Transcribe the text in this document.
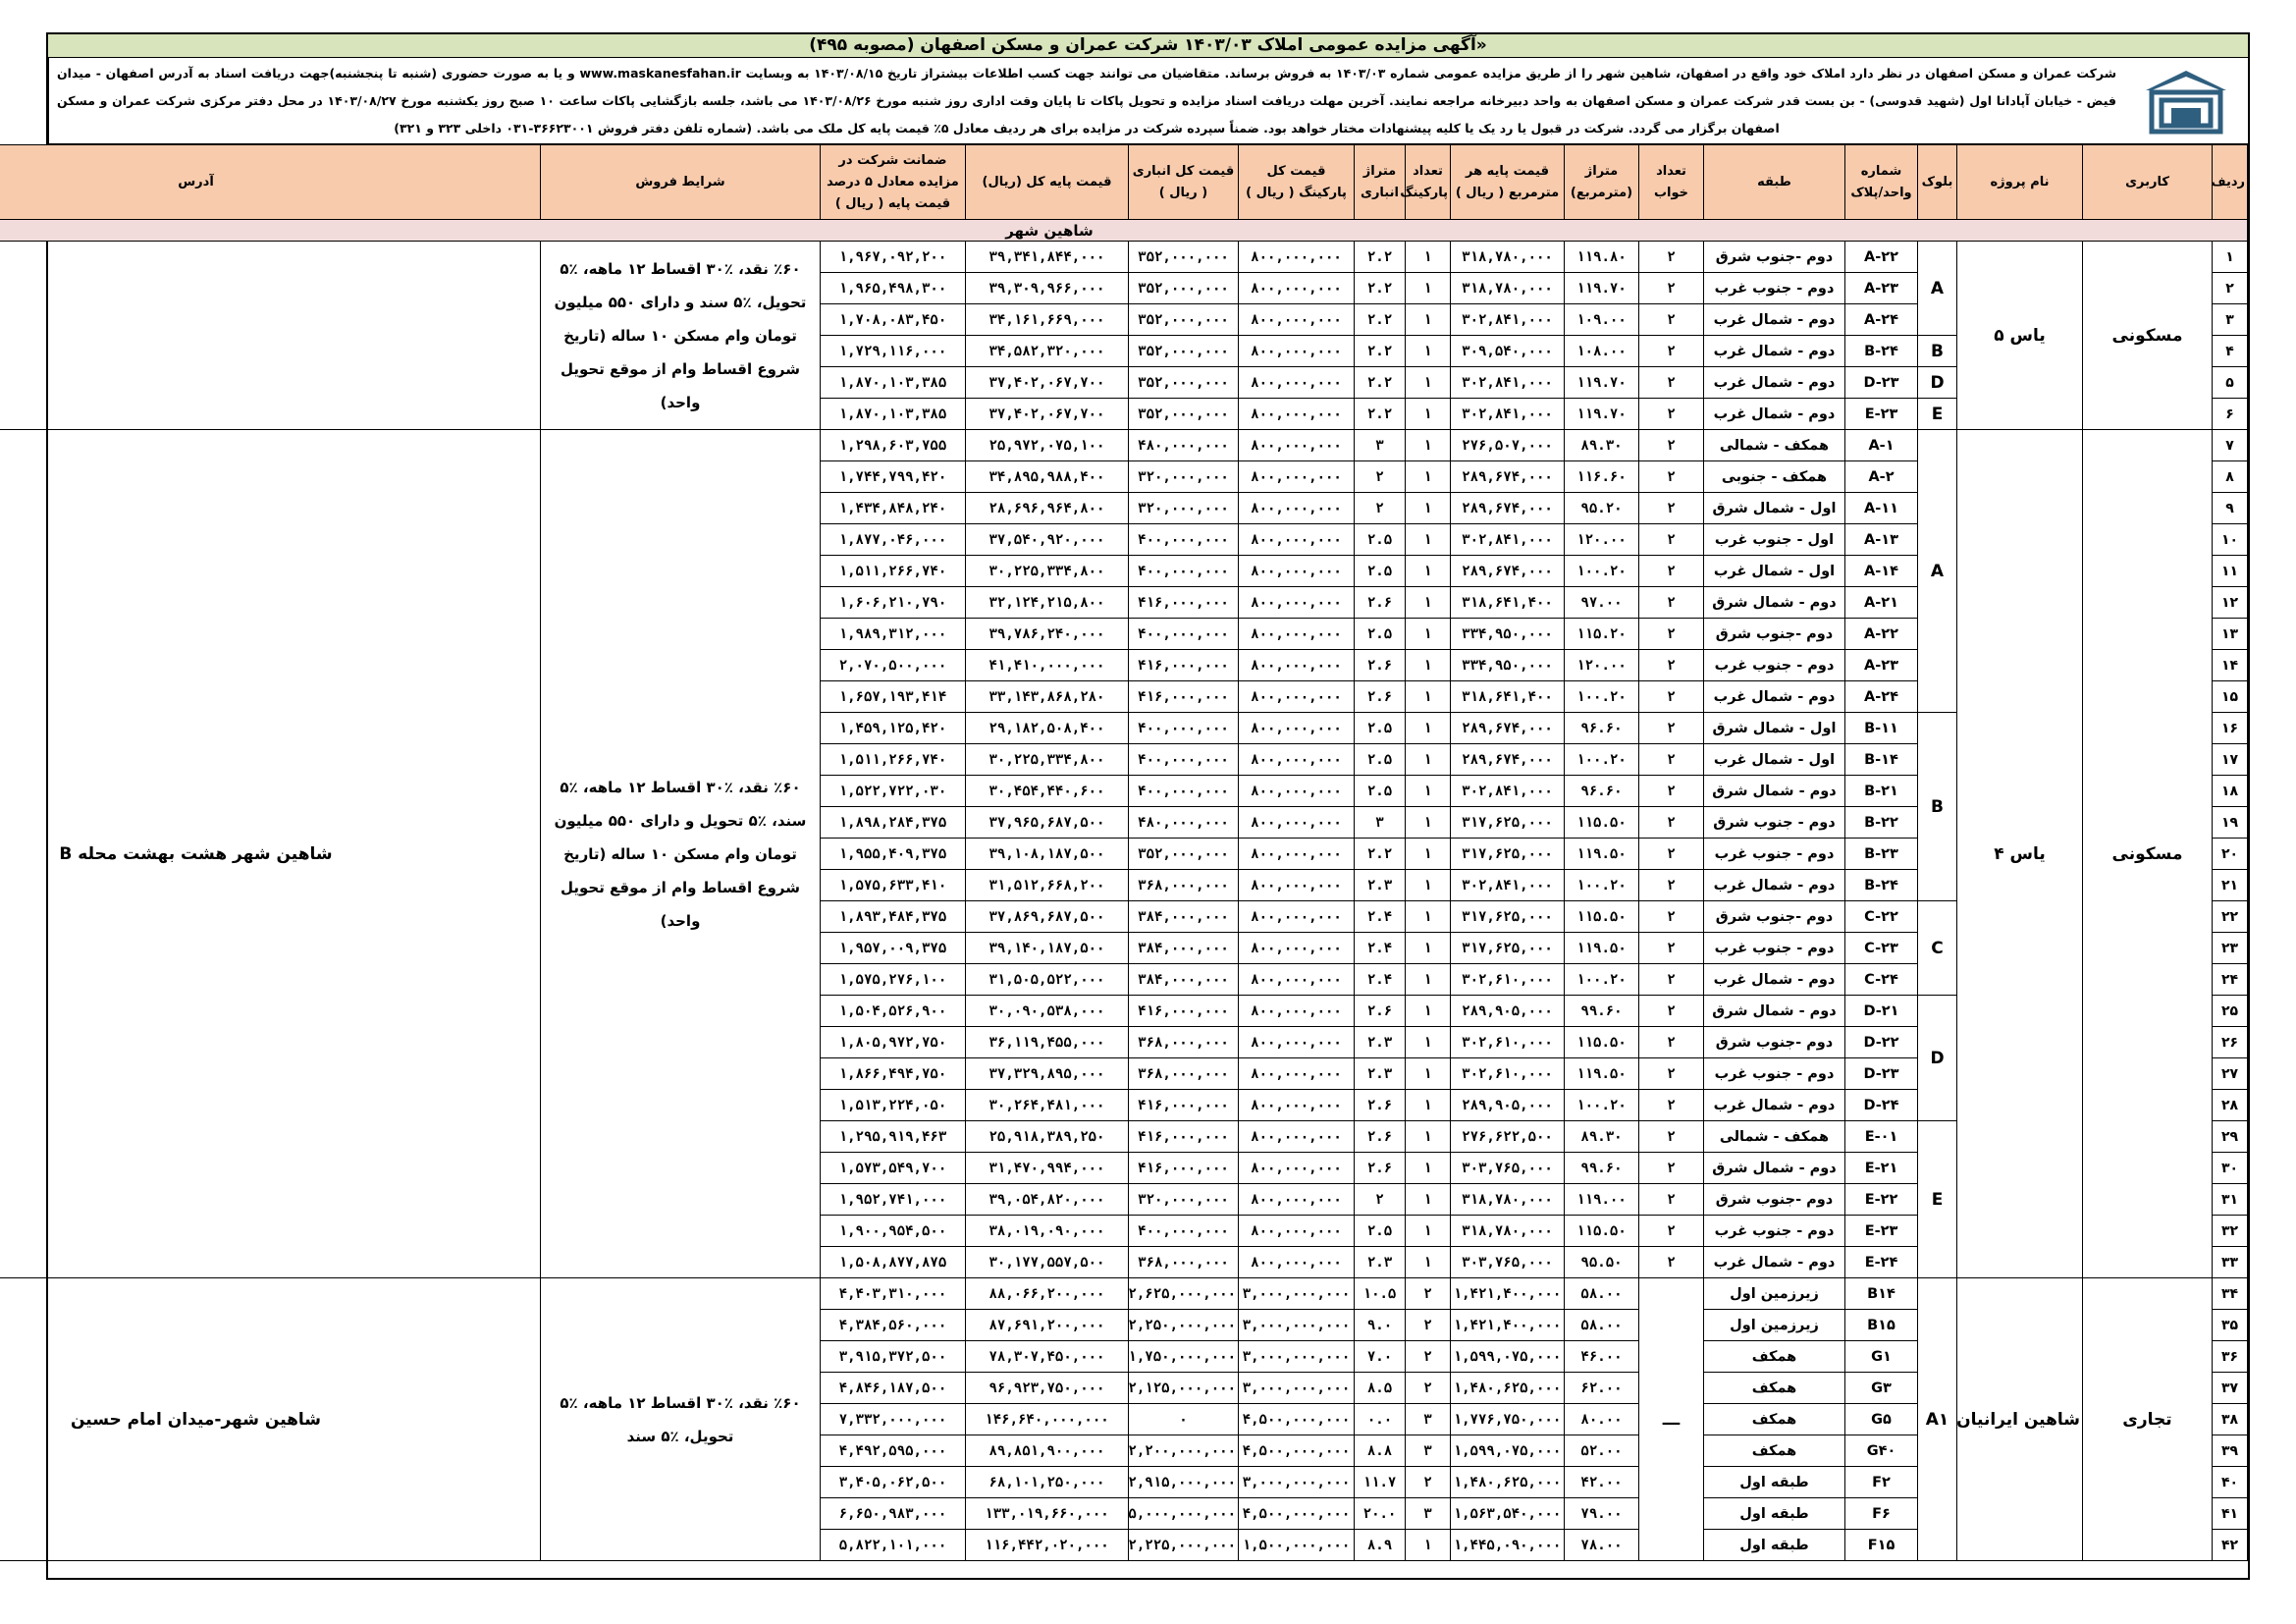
«آگهی مزایده عمومی املاک ۱۴۰۳/۰۳ شرکت عمران و مسکن اصفهان (مصوبه ۴۹۵)
شرکت عمران و مسکن اصفهان در نظر دارد املاک خود واقع در اصفهان، شاهین شهر را از طریق مزایده عمومی شماره ۱۴۰۳/۰۳ به فروش برساند. متقاضیان می توانند جهت کسب اطلاعات بیشتراز تاریخ ۱۴۰۳/۰۸/۱۵ به وبسایت www.maskanesfahan.ir و یا به صورت حضوری (شنبه تا پنجشنبه)جهت دریافت اسناد به آدرس اصفهان - میدان فیض - خیابان آپادانا اول (شهید قدوسی) - بن بست قدر شرکت عمران و مسکن اصفهان به واحد دبیرخانه مراجعه نمایند. آخرین مهلت دریافت اسناد مزایده و تحویل پاکات تا پایان وقت اداری روز شنبه مورخ ۱۴۰۳/۰۸/۲۶ می باشد، جلسه بازگشایی پاکات ساعت ۱۰ صبح روز یکشنبه مورخ ۱۴۰۳/۰۸/۲۷ در محل دفتر مرکزی شرکت عمران و مسکن اصفهان برگزار می گردد. شرکت در قبول یا رد یک یا کلیه پیشنهادات مختار خواهد بود. ضمناً سپرده شرکت در مزایده برای هر ردیف معادل ۵٪ قیمت پایه کل ملک می باشد. (شماره تلفن دفتر فروش ۳۶۶۲۳۰۰۱-۰۳۱ داخلی ۳۲۳ و ۳۲۱)
ردیف	کاربری	نام پروژه	بلوک	شماره واحد/پلاک	طبقه	تعداد خواب	متراژ (مترمربع)	قیمت پایه هر مترمربع ( ریال )	تعداد پارکینگ	متراژ انباری	قیمت کل پارکینگ ( ریال )	قیمت کل انباری ( ریال )	قیمت پایه کل (ریال)	ضمانت شرکت در مزایده معادل ۵ درصد قیمت پایه ( ریال )	شرایط فروش	آدرس
شاهین شهر																
۱	مسکونی	یاس ۵	A	A-۲۲	دوم -جنوب شرق	۲	۱۱۹.۸۰	۳۱۸,۷۸۰,۰۰۰	۱	۲.۲	۸۰۰,۰۰۰,۰۰۰	۳۵۲,۰۰۰,۰۰۰	۳۹,۳۴۱,۸۴۴,۰۰۰	۱,۹۶۷,۰۹۲,۲۰۰	٪۶۰ نقد، ٪۳۰ اقساط ۱۲ ماهه، ٪۵ تحویل، ٪۵ سند و دارای ۵۵۰ میلیون تومان وام مسکن ۱۰ ساله (تاریخ شروع اقساط وام از موقع تحویل واحد)	
۲				A-۲۳	دوم - جنوب غرب	۲	۱۱۹.۷۰	۳۱۸,۷۸۰,۰۰۰	۱	۲.۲	۸۰۰,۰۰۰,۰۰۰	۳۵۲,۰۰۰,۰۰۰	۳۹,۳۰۹,۹۶۶,۰۰۰	۱,۹۶۵,۴۹۸,۳۰۰		
۳				A-۲۴	دوم - شمال غرب	۲	۱۰۹.۰۰	۳۰۲,۸۴۱,۰۰۰	۱	۲.۲	۸۰۰,۰۰۰,۰۰۰	۳۵۲,۰۰۰,۰۰۰	۳۴,۱۶۱,۶۶۹,۰۰۰	۱,۷۰۸,۰۸۳,۴۵۰		
۴			B	B-۲۴	دوم - شمال غرب	۲	۱۰۸.۰۰	۳۰۹,۵۴۰,۰۰۰	۱	۲.۲	۸۰۰,۰۰۰,۰۰۰	۳۵۲,۰۰۰,۰۰۰	۳۴,۵۸۲,۳۲۰,۰۰۰	۱,۷۲۹,۱۱۶,۰۰۰		
۵			D	D-۲۳	دوم - شمال غرب	۲	۱۱۹.۷۰	۳۰۲,۸۴۱,۰۰۰	۱	۲.۲	۸۰۰,۰۰۰,۰۰۰	۳۵۲,۰۰۰,۰۰۰	۳۷,۴۰۲,۰۶۷,۷۰۰	۱,۸۷۰,۱۰۳,۳۸۵		
۶			E	E-۲۳	دوم - شمال غرب	۲	۱۱۹.۷۰	۳۰۲,۸۴۱,۰۰۰	۱	۲.۲	۸۰۰,۰۰۰,۰۰۰	۳۵۲,۰۰۰,۰۰۰	۳۷,۴۰۲,۰۶۷,۷۰۰	۱,۸۷۰,۱۰۳,۳۸۵		
۷	مسکونی	یاس ۴	A	A-۱	همکف - شمالی	۲	۸۹.۳۰	۲۷۶,۵۰۷,۰۰۰	۱	۳	۸۰۰,۰۰۰,۰۰۰	۴۸۰,۰۰۰,۰۰۰	۲۵,۹۷۲,۰۷۵,۱۰۰	۱,۲۹۸,۶۰۳,۷۵۵	٪۶۰ نقد، ٪۳۰ اقساط ۱۲ ماهه، ٪۵ سند، ٪۵ تحویل و دارای ۵۵۰ میلیون تومان وام مسکن ۱۰ ساله (تاریخ شروع اقساط وام از موقع تحویل واحد)	شاهین شهر هشت بهشت محله B
۸				A-۲	همکف - جنوبی	۲	۱۱۶.۶۰	۲۸۹,۶۷۴,۰۰۰	۱	۲	۸۰۰,۰۰۰,۰۰۰	۳۲۰,۰۰۰,۰۰۰	۳۴,۸۹۵,۹۸۸,۴۰۰	۱,۷۴۴,۷۹۹,۴۲۰		
۹				A-۱۱	اول - شمال شرق	۲	۹۵.۲۰	۲۸۹,۶۷۴,۰۰۰	۱	۲	۸۰۰,۰۰۰,۰۰۰	۳۲۰,۰۰۰,۰۰۰	۲۸,۶۹۶,۹۶۴,۸۰۰	۱,۴۳۴,۸۴۸,۲۴۰		
۱۰				A-۱۳	اول - جنوب غرب	۲	۱۲۰.۰۰	۳۰۲,۸۴۱,۰۰۰	۱	۲.۵	۸۰۰,۰۰۰,۰۰۰	۴۰۰,۰۰۰,۰۰۰	۳۷,۵۴۰,۹۲۰,۰۰۰	۱,۸۷۷,۰۴۶,۰۰۰		
۱۱				A-۱۴	اول - شمال غرب	۲	۱۰۰.۲۰	۲۸۹,۶۷۴,۰۰۰	۱	۲.۵	۸۰۰,۰۰۰,۰۰۰	۴۰۰,۰۰۰,۰۰۰	۳۰,۲۲۵,۳۳۴,۸۰۰	۱,۵۱۱,۲۶۶,۷۴۰		
۱۲				A-۲۱	دوم - شمال شرق	۲	۹۷.۰۰	۳۱۸,۶۴۱,۴۰۰	۱	۲.۶	۸۰۰,۰۰۰,۰۰۰	۴۱۶,۰۰۰,۰۰۰	۳۲,۱۲۴,۲۱۵,۸۰۰	۱,۶۰۶,۲۱۰,۷۹۰		
۱۳				A-۲۲	دوم -جنوب شرق	۲	۱۱۵.۲۰	۳۳۴,۹۵۰,۰۰۰	۱	۲.۵	۸۰۰,۰۰۰,۰۰۰	۴۰۰,۰۰۰,۰۰۰	۳۹,۷۸۶,۲۴۰,۰۰۰	۱,۹۸۹,۳۱۲,۰۰۰		
۱۴				A-۲۳	دوم - جنوب غرب	۲	۱۲۰.۰۰	۳۳۴,۹۵۰,۰۰۰	۱	۲.۶	۸۰۰,۰۰۰,۰۰۰	۴۱۶,۰۰۰,۰۰۰	۴۱,۴۱۰,۰۰۰,۰۰۰	۲,۰۷۰,۵۰۰,۰۰۰		
۱۵				A-۲۴	دوم - شمال غرب	۲	۱۰۰.۲۰	۳۱۸,۶۴۱,۴۰۰	۱	۲.۶	۸۰۰,۰۰۰,۰۰۰	۴۱۶,۰۰۰,۰۰۰	۳۳,۱۴۳,۸۶۸,۲۸۰	۱,۶۵۷,۱۹۳,۴۱۴		
۱۶			B	B-۱۱	اول - شمال شرق	۲	۹۶.۶۰	۲۸۹,۶۷۴,۰۰۰	۱	۲.۵	۸۰۰,۰۰۰,۰۰۰	۴۰۰,۰۰۰,۰۰۰	۲۹,۱۸۲,۵۰۸,۴۰۰	۱,۴۵۹,۱۲۵,۴۲۰		
۱۷				B-۱۴	اول - شمال غرب	۲	۱۰۰.۲۰	۲۸۹,۶۷۴,۰۰۰	۱	۲.۵	۸۰۰,۰۰۰,۰۰۰	۴۰۰,۰۰۰,۰۰۰	۳۰,۲۲۵,۳۳۴,۸۰۰	۱,۵۱۱,۲۶۶,۷۴۰		
۱۸				B-۲۱	دوم - شمال شرق	۲	۹۶.۶۰	۳۰۲,۸۴۱,۰۰۰	۱	۲.۵	۸۰۰,۰۰۰,۰۰۰	۴۰۰,۰۰۰,۰۰۰	۳۰,۴۵۴,۴۴۰,۶۰۰	۱,۵۲۲,۷۲۲,۰۳۰		
۱۹				B-۲۲	دوم - جنوب شرق	۲	۱۱۵.۵۰	۳۱۷,۶۲۵,۰۰۰	۱	۳	۸۰۰,۰۰۰,۰۰۰	۴۸۰,۰۰۰,۰۰۰	۳۷,۹۶۵,۶۸۷,۵۰۰	۱,۸۹۸,۲۸۴,۳۷۵		
۲۰				B-۲۳	دوم - جنوب غرب	۲	۱۱۹.۵۰	۳۱۷,۶۲۵,۰۰۰	۱	۲.۲	۸۰۰,۰۰۰,۰۰۰	۳۵۲,۰۰۰,۰۰۰	۳۹,۱۰۸,۱۸۷,۵۰۰	۱,۹۵۵,۴۰۹,۳۷۵		
۲۱				B-۲۴	دوم - شمال غرب	۲	۱۰۰.۲۰	۳۰۲,۸۴۱,۰۰۰	۱	۲.۳	۸۰۰,۰۰۰,۰۰۰	۳۶۸,۰۰۰,۰۰۰	۳۱,۵۱۲,۶۶۸,۲۰۰	۱,۵۷۵,۶۳۳,۴۱۰		
۲۲			C	C-۲۲	دوم -جنوب شرق	۲	۱۱۵.۵۰	۳۱۷,۶۲۵,۰۰۰	۱	۲.۴	۸۰۰,۰۰۰,۰۰۰	۳۸۴,۰۰۰,۰۰۰	۳۷,۸۶۹,۶۸۷,۵۰۰	۱,۸۹۳,۴۸۴,۳۷۵		
۲۳				C-۲۳	دوم - جنوب غرب	۲	۱۱۹.۵۰	۳۱۷,۶۲۵,۰۰۰	۱	۲.۴	۸۰۰,۰۰۰,۰۰۰	۳۸۴,۰۰۰,۰۰۰	۳۹,۱۴۰,۱۸۷,۵۰۰	۱,۹۵۷,۰۰۹,۳۷۵		
۲۴				C-۲۴	دوم - شمال غرب	۲	۱۰۰.۲۰	۳۰۲,۶۱۰,۰۰۰	۱	۲.۴	۸۰۰,۰۰۰,۰۰۰	۳۸۴,۰۰۰,۰۰۰	۳۱,۵۰۵,۵۲۲,۰۰۰	۱,۵۷۵,۲۷۶,۱۰۰		
۲۵			D	D-۲۱	دوم - شمال شرق	۲	۹۹.۶۰	۲۸۹,۹۰۵,۰۰۰	۱	۲.۶	۸۰۰,۰۰۰,۰۰۰	۴۱۶,۰۰۰,۰۰۰	۳۰,۰۹۰,۵۳۸,۰۰۰	۱,۵۰۴,۵۲۶,۹۰۰		
۲۶				D-۲۲	دوم -جنوب شرق	۲	۱۱۵.۵۰	۳۰۲,۶۱۰,۰۰۰	۱	۲.۳	۸۰۰,۰۰۰,۰۰۰	۳۶۸,۰۰۰,۰۰۰	۳۶,۱۱۹,۴۵۵,۰۰۰	۱,۸۰۵,۹۷۲,۷۵۰		
۲۷				D-۲۳	دوم - جنوب غرب	۲	۱۱۹.۵۰	۳۰۲,۶۱۰,۰۰۰	۱	۲.۳	۸۰۰,۰۰۰,۰۰۰	۳۶۸,۰۰۰,۰۰۰	۳۷,۳۲۹,۸۹۵,۰۰۰	۱,۸۶۶,۴۹۴,۷۵۰		
۲۸				D-۲۴	دوم - شمال غرب	۲	۱۰۰.۲۰	۲۸۹,۹۰۵,۰۰۰	۱	۲.۶	۸۰۰,۰۰۰,۰۰۰	۴۱۶,۰۰۰,۰۰۰	۳۰,۲۶۴,۴۸۱,۰۰۰	۱,۵۱۳,۲۲۴,۰۵۰		
۲۹			E	E-۰۱	همکف - شمالی	۲	۸۹.۳۰	۲۷۶,۶۲۲,۵۰۰	۱	۲.۶	۸۰۰,۰۰۰,۰۰۰	۴۱۶,۰۰۰,۰۰۰	۲۵,۹۱۸,۳۸۹,۲۵۰	۱,۲۹۵,۹۱۹,۴۶۳		
۳۰				E-۲۱	دوم - شمال شرق	۲	۹۹.۶۰	۳۰۳,۷۶۵,۰۰۰	۱	۲.۶	۸۰۰,۰۰۰,۰۰۰	۴۱۶,۰۰۰,۰۰۰	۳۱,۴۷۰,۹۹۴,۰۰۰	۱,۵۷۳,۵۴۹,۷۰۰		
۳۱				E-۲۲	دوم -جنوب شرق	۲	۱۱۹.۰۰	۳۱۸,۷۸۰,۰۰۰	۱	۲	۸۰۰,۰۰۰,۰۰۰	۳۲۰,۰۰۰,۰۰۰	۳۹,۰۵۴,۸۲۰,۰۰۰	۱,۹۵۲,۷۴۱,۰۰۰		
۳۲				E-۲۳	دوم - جنوب غرب	۲	۱۱۵.۵۰	۳۱۸,۷۸۰,۰۰۰	۱	۲.۵	۸۰۰,۰۰۰,۰۰۰	۴۰۰,۰۰۰,۰۰۰	۳۸,۰۱۹,۰۹۰,۰۰۰	۱,۹۰۰,۹۵۴,۵۰۰		
۳۳				E-۲۴	دوم - شمال غرب	۲	۹۵.۵۰	۳۰۳,۷۶۵,۰۰۰	۱	۲.۳	۸۰۰,۰۰۰,۰۰۰	۳۶۸,۰۰۰,۰۰۰	۳۰,۱۷۷,۵۵۷,۵۰۰	۱,۵۰۸,۸۷۷,۸۷۵		
۳۴	تجاری	شاهین ایرانیان	A۱	B۱۴	زیرزمین اول	ـــ	۵۸.۰۰	۱,۴۲۱,۴۰۰,۰۰۰	۲	۱۰.۵	۳,۰۰۰,۰۰۰,۰۰۰	۲,۶۲۵,۰۰۰,۰۰۰	۸۸,۰۶۶,۲۰۰,۰۰۰	۴,۴۰۳,۳۱۰,۰۰۰	٪۶۰ نقد، ٪۳۰ اقساط ۱۲ ماهه، ٪۵ تحویل، ٪۵ سند	شاهین شهر-میدان امام حسین
۳۵				B۱۵	زیرزمین اول		۵۸.۰۰	۱,۴۲۱,۴۰۰,۰۰۰	۲	۹.۰	۳,۰۰۰,۰۰۰,۰۰۰	۲,۲۵۰,۰۰۰,۰۰۰	۸۷,۶۹۱,۲۰۰,۰۰۰	۴,۳۸۴,۵۶۰,۰۰۰		
۳۶				G۱	همکف		۴۶.۰۰	۱,۵۹۹,۰۷۵,۰۰۰	۲	۷.۰	۳,۰۰۰,۰۰۰,۰۰۰	۱,۷۵۰,۰۰۰,۰۰۰	۷۸,۳۰۷,۴۵۰,۰۰۰	۳,۹۱۵,۳۷۲,۵۰۰		
۳۷				G۳	همکف		۶۲.۰۰	۱,۴۸۰,۶۲۵,۰۰۰	۲	۸.۵	۳,۰۰۰,۰۰۰,۰۰۰	۲,۱۲۵,۰۰۰,۰۰۰	۹۶,۹۲۳,۷۵۰,۰۰۰	۴,۸۴۶,۱۸۷,۵۰۰		
۳۸				G۵	همکف		۸۰.۰۰	۱,۷۷۶,۷۵۰,۰۰۰	۳	۰.۰	۴,۵۰۰,۰۰۰,۰۰۰	۰	۱۴۶,۶۴۰,۰۰۰,۰۰۰	۷,۳۳۲,۰۰۰,۰۰۰		
۳۹				G۴۰	همکف		۵۲.۰۰	۱,۵۹۹,۰۷۵,۰۰۰	۳	۸.۸	۴,۵۰۰,۰۰۰,۰۰۰	۲,۲۰۰,۰۰۰,۰۰۰	۸۹,۸۵۱,۹۰۰,۰۰۰	۴,۴۹۲,۵۹۵,۰۰۰		
۴۰				F۲	طبقه اول		۴۲.۰۰	۱,۴۸۰,۶۲۵,۰۰۰	۲	۱۱.۷	۳,۰۰۰,۰۰۰,۰۰۰	۲,۹۱۵,۰۰۰,۰۰۰	۶۸,۱۰۱,۲۵۰,۰۰۰	۳,۴۰۵,۰۶۲,۵۰۰		
۴۱				F۶	طبقه اول		۷۹.۰۰	۱,۵۶۳,۵۴۰,۰۰۰	۳	۲۰.۰	۴,۵۰۰,۰۰۰,۰۰۰	۵,۰۰۰,۰۰۰,۰۰۰	۱۳۳,۰۱۹,۶۶۰,۰۰۰	۶,۶۵۰,۹۸۳,۰۰۰		
۴۲				F۱۵	طبقه اول		۷۸.۰۰	۱,۴۴۵,۰۹۰,۰۰۰	۱	۸.۹	۱,۵۰۰,۰۰۰,۰۰۰	۲,۲۲۵,۰۰۰,۰۰۰	۱۱۶,۴۴۲,۰۲۰,۰۰۰	۵,۸۲۲,۱۰۱,۰۰۰		
